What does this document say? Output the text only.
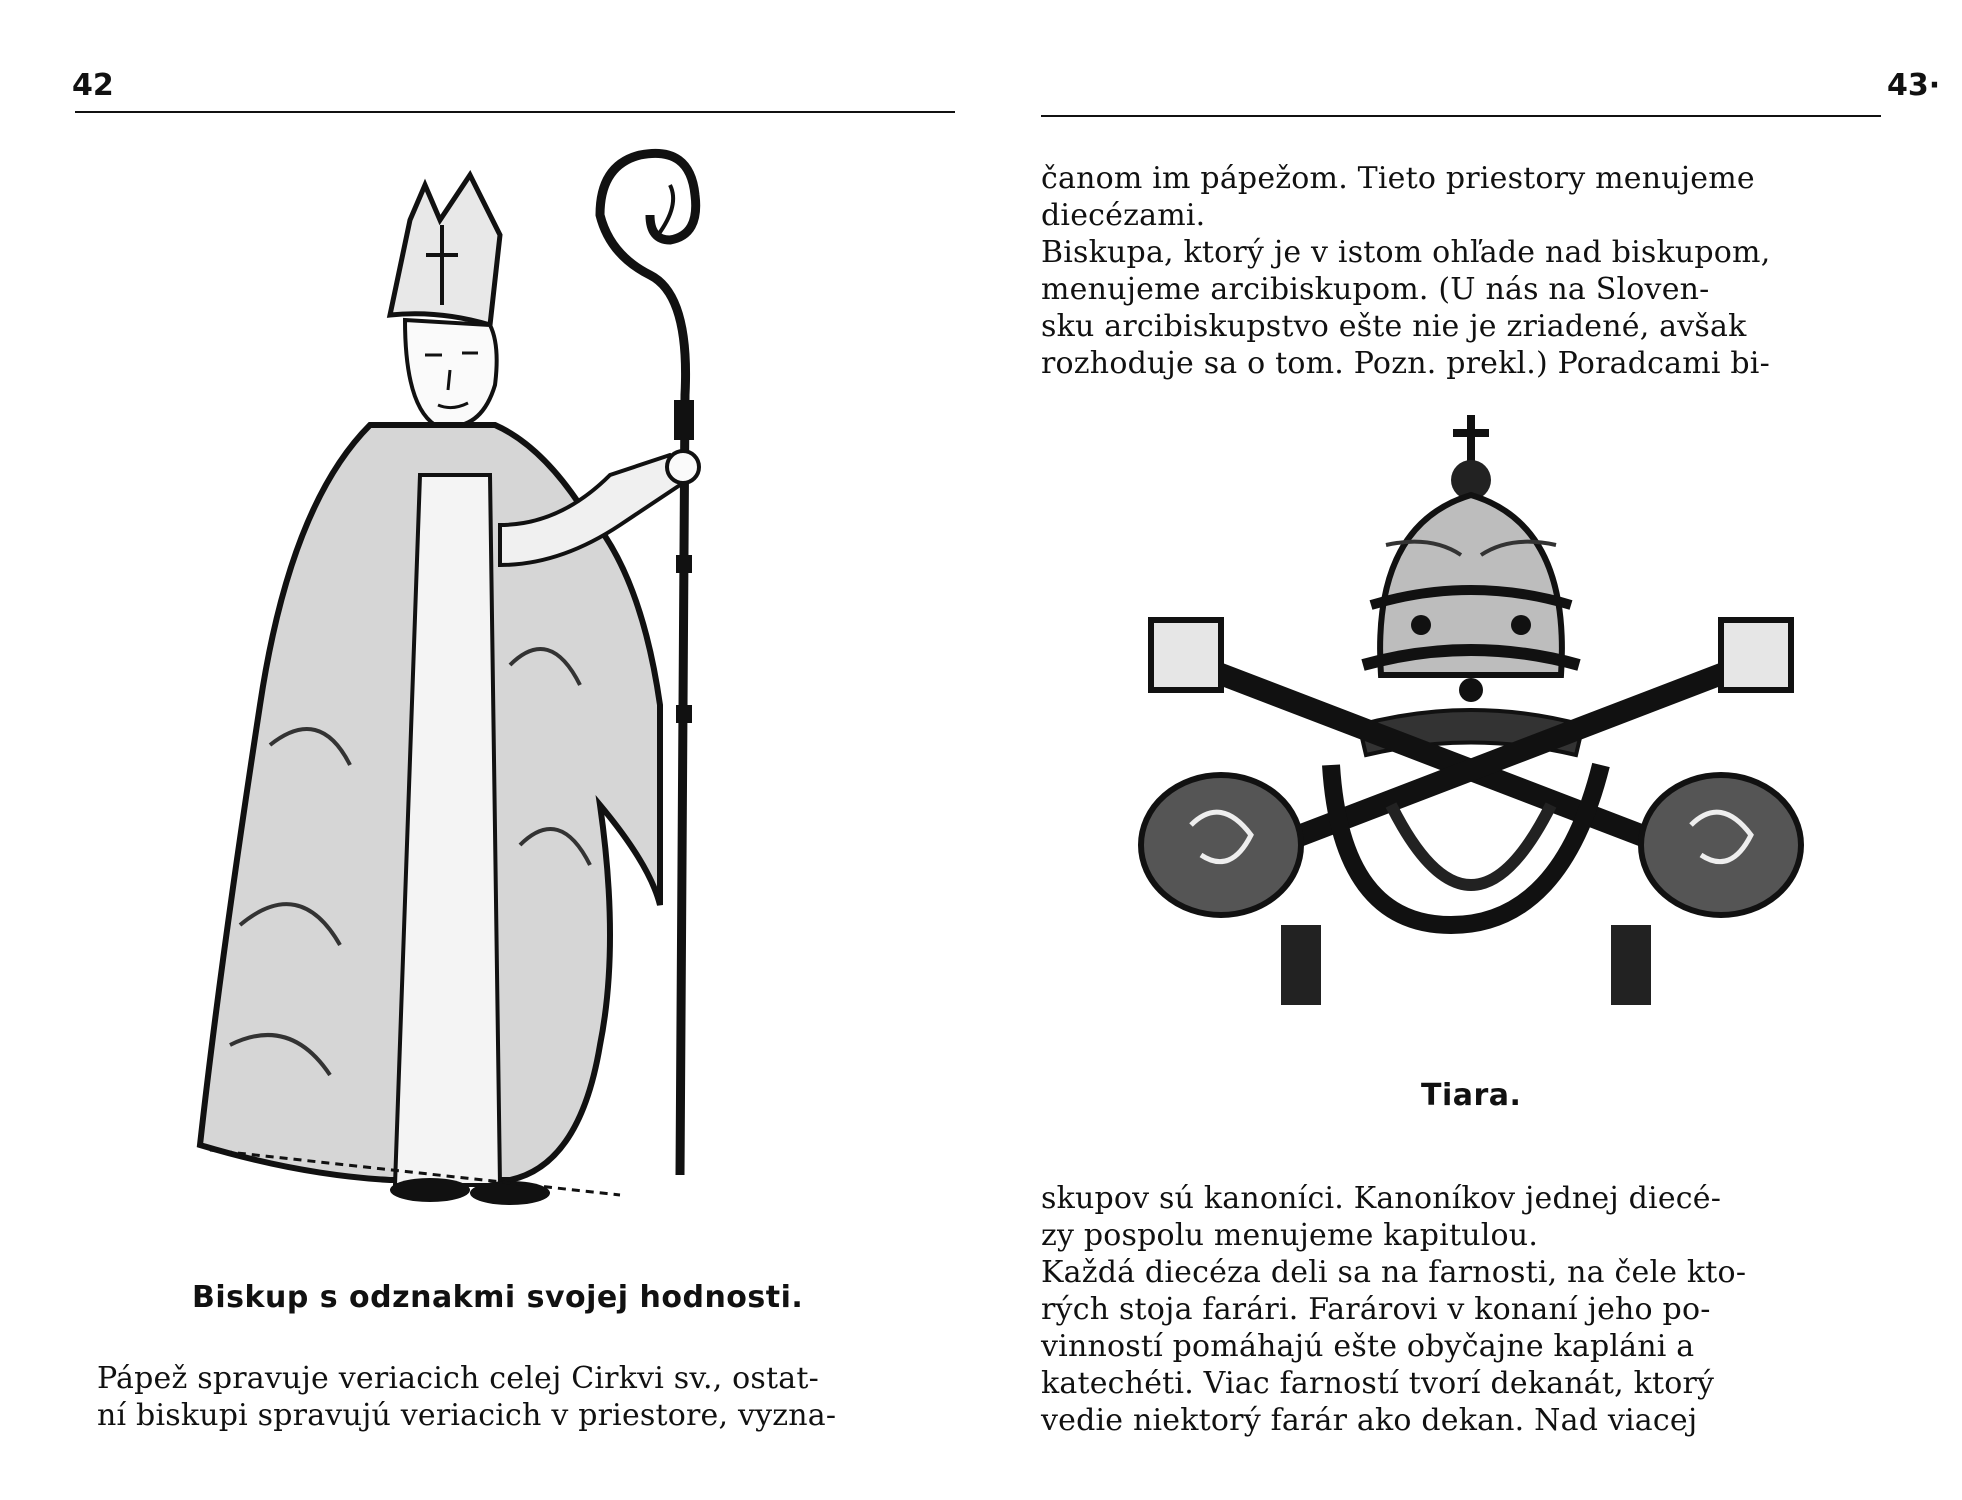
42
Biskup s odznakmi svojej hodnosti.

Pápež spravuje veriacich celej Cirkvi sv., ostat-

ní biskupi spravujú veriacich v priestore, vyzna-

43·

čanom im pápežom. Tieto priestory menujeme

diecézami.

Biskupa, ktorý je v istom ohľade nad biskupom,

menujeme arcibiskupom. (U nás na Sloven-

sku arcibiskupstvo ešte nie je zriadené, avšak

rozhoduje sa o tom. Pozn. prekl.) Poradcami bi-

Tiara.

skupov sú kanoníci. Kanoníkov jednej diecé-

zy pospolu menujeme kapitulou.

Každá diecéza deli sa na farnosti, na čele kto-

rých stoja farári. Farárovi v konaní jeho po-

vinností pomáhajú ešte obyčajne kapláni a

katechéti. Viac farností tvorí dekanát, ktorý

vedie niektorý farár ako dekan. Nad viacej
